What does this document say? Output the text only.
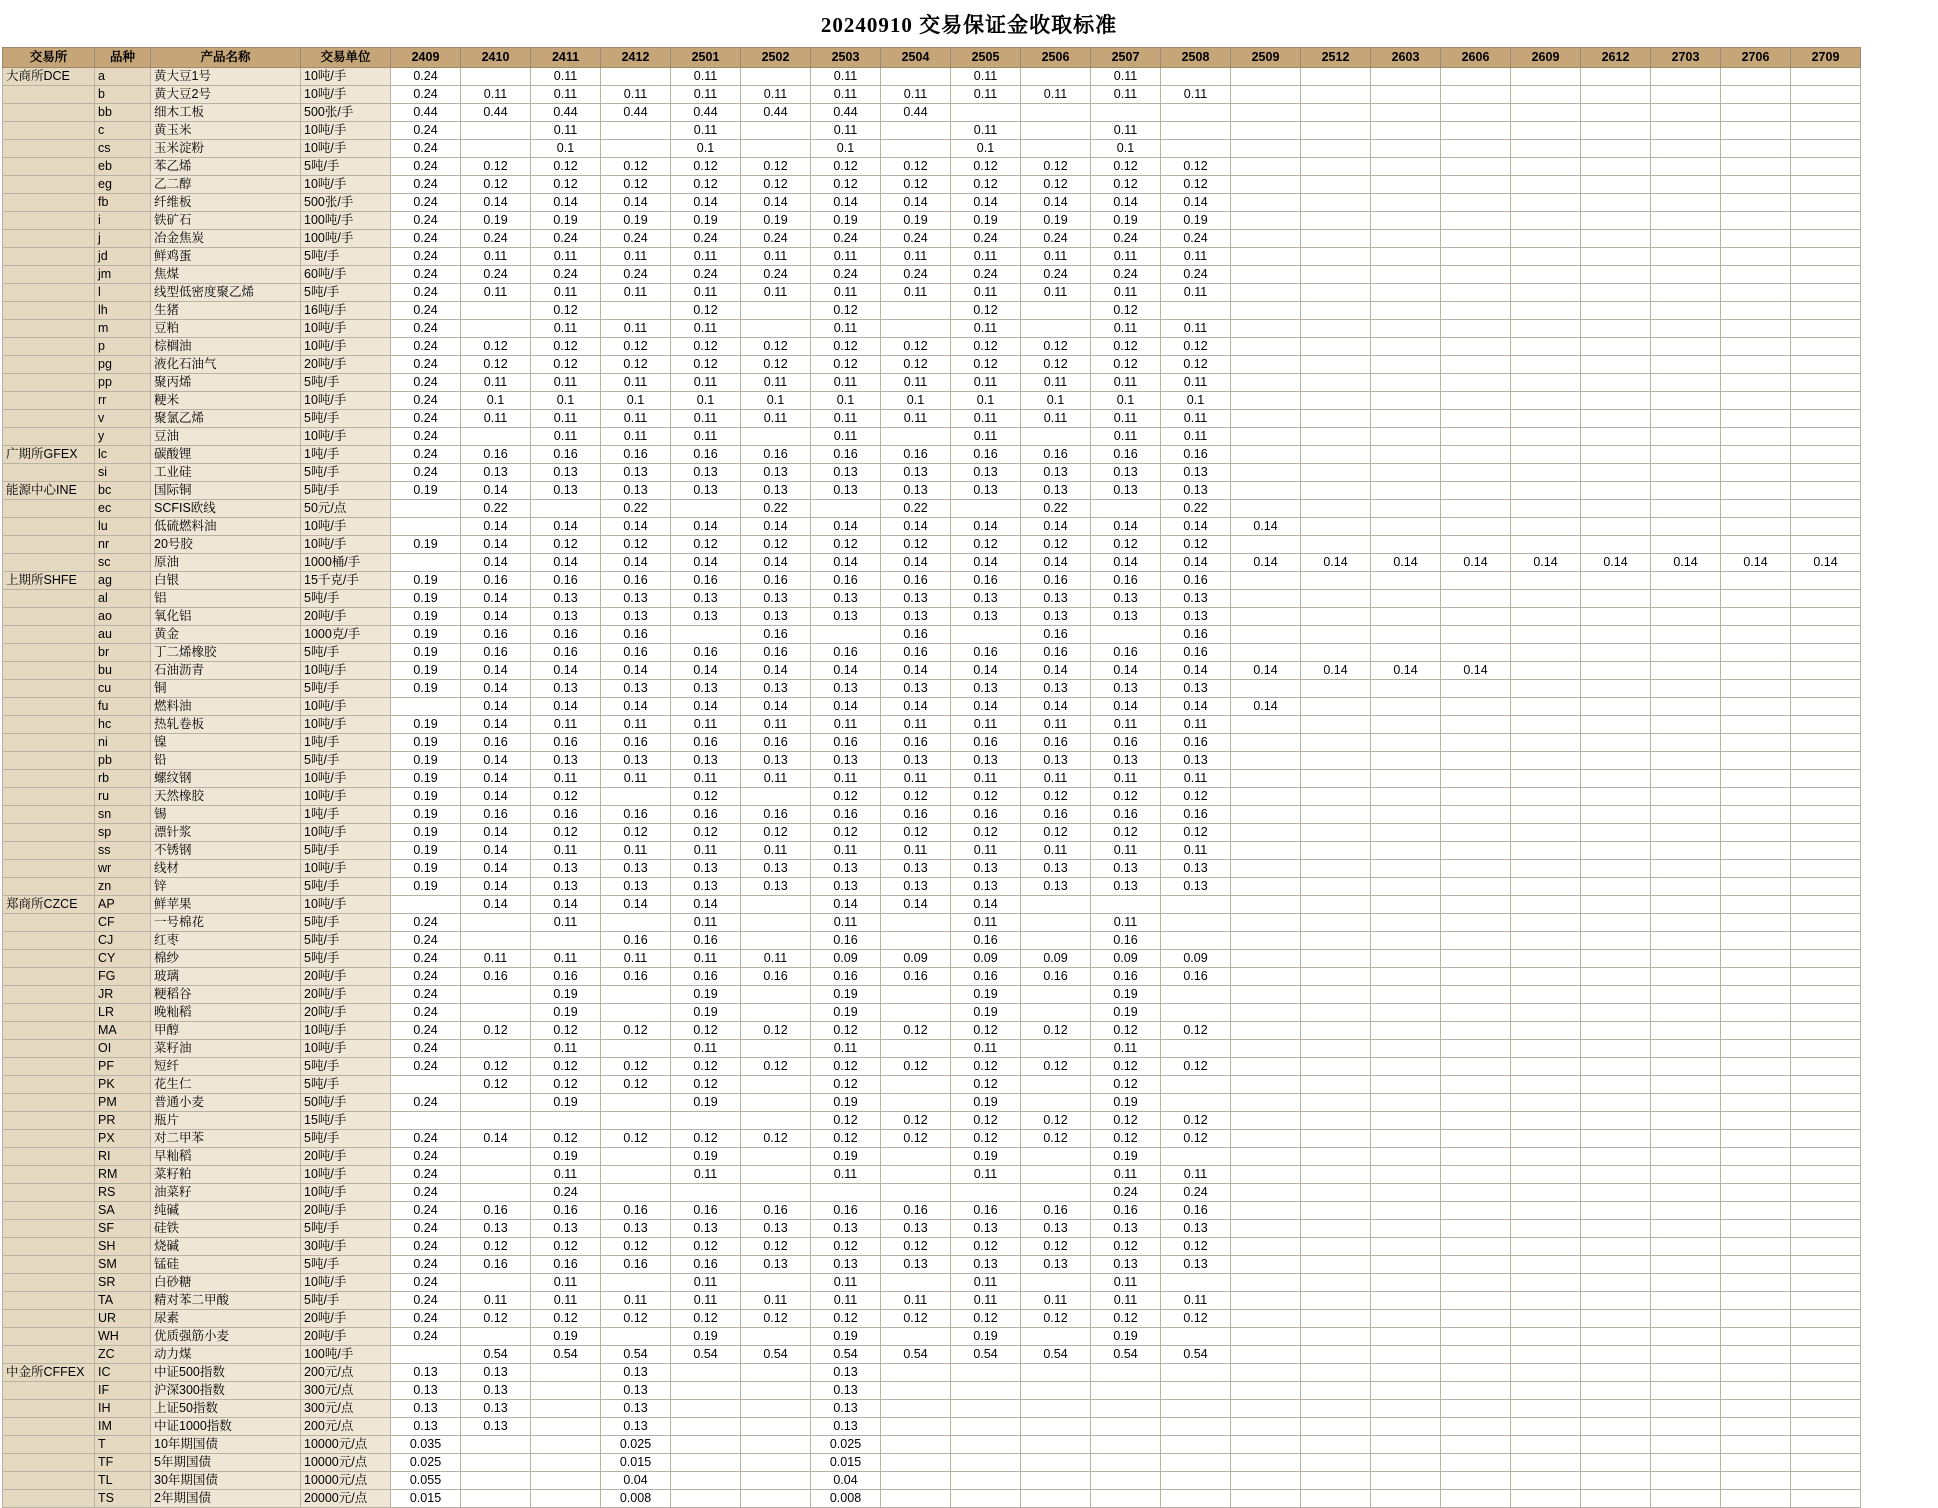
20240910 交易保证金收取标准
交易所	品种	产品名称	交易单位	2409	2410	2411	2412	2501	2502	2503	2504	2505	2506	2507	2508	2509	2512	2603	2606	2609	2612	2703	2706	2709
大商所DCE	a	黄大豆1号	10吨/手	0.24		0.11		0.11		0.11		0.11		0.11										
	b	黄大豆2号	10吨/手	0.24	0.11	0.11	0.11	0.11	0.11	0.11	0.11	0.11	0.11	0.11	0.11									
	bb	细木工板	500张/手	0.44	0.44	0.44	0.44	0.44	0.44	0.44	0.44													
	c	黄玉米	10吨/手	0.24		0.11		0.11		0.11		0.11		0.11										
	cs	玉米淀粉	10吨/手	0.24		0.1		0.1		0.1		0.1		0.1										
	eb	苯乙烯	5吨/手	0.24	0.12	0.12	0.12	0.12	0.12	0.12	0.12	0.12	0.12	0.12	0.12									
	eg	乙二醇	10吨/手	0.24	0.12	0.12	0.12	0.12	0.12	0.12	0.12	0.12	0.12	0.12	0.12									
	fb	纤维板	500张/手	0.24	0.14	0.14	0.14	0.14	0.14	0.14	0.14	0.14	0.14	0.14	0.14									
	i	铁矿石	100吨/手	0.24	0.19	0.19	0.19	0.19	0.19	0.19	0.19	0.19	0.19	0.19	0.19									
	j	冶金焦炭	100吨/手	0.24	0.24	0.24	0.24	0.24	0.24	0.24	0.24	0.24	0.24	0.24	0.24									
	jd	鲜鸡蛋	5吨/手	0.24	0.11	0.11	0.11	0.11	0.11	0.11	0.11	0.11	0.11	0.11	0.11									
	jm	焦煤	60吨/手	0.24	0.24	0.24	0.24	0.24	0.24	0.24	0.24	0.24	0.24	0.24	0.24									
	l	线型低密度聚乙烯	5吨/手	0.24	0.11	0.11	0.11	0.11	0.11	0.11	0.11	0.11	0.11	0.11	0.11									
	lh	生猪	16吨/手	0.24		0.12		0.12		0.12		0.12		0.12										
	m	豆粕	10吨/手	0.24		0.11	0.11	0.11		0.11		0.11		0.11	0.11									
	p	棕榈油	10吨/手	0.24	0.12	0.12	0.12	0.12	0.12	0.12	0.12	0.12	0.12	0.12	0.12									
	pg	液化石油气	20吨/手	0.24	0.12	0.12	0.12	0.12	0.12	0.12	0.12	0.12	0.12	0.12	0.12									
	pp	聚丙烯	5吨/手	0.24	0.11	0.11	0.11	0.11	0.11	0.11	0.11	0.11	0.11	0.11	0.11									
	rr	粳米	10吨/手	0.24	0.1	0.1	0.1	0.1	0.1	0.1	0.1	0.1	0.1	0.1	0.1									
	v	聚氯乙烯	5吨/手	0.24	0.11	0.11	0.11	0.11	0.11	0.11	0.11	0.11	0.11	0.11	0.11									
	y	豆油	10吨/手	0.24		0.11	0.11	0.11		0.11		0.11		0.11	0.11									
广期所GFEX	lc	碳酸锂	1吨/手	0.24	0.16	0.16	0.16	0.16	0.16	0.16	0.16	0.16	0.16	0.16	0.16									
	si	工业硅	5吨/手	0.24	0.13	0.13	0.13	0.13	0.13	0.13	0.13	0.13	0.13	0.13	0.13									
能源中心INE	bc	国际铜	5吨/手	0.19	0.14	0.13	0.13	0.13	0.13	0.13	0.13	0.13	0.13	0.13	0.13									
	ec	SCFIS欧线	50元/点		0.22		0.22		0.22		0.22		0.22		0.22									
	lu	低硫燃料油	10吨/手		0.14	0.14	0.14	0.14	0.14	0.14	0.14	0.14	0.14	0.14	0.14	0.14								
	nr	20号胶	10吨/手	0.19	0.14	0.12	0.12	0.12	0.12	0.12	0.12	0.12	0.12	0.12	0.12									
	sc	原油	1000桶/手		0.14	0.14	0.14	0.14	0.14	0.14	0.14	0.14	0.14	0.14	0.14	0.14	0.14	0.14	0.14	0.14	0.14	0.14	0.14	0.14
上期所SHFE	ag	白银	15千克/手	0.19	0.16	0.16	0.16	0.16	0.16	0.16	0.16	0.16	0.16	0.16	0.16									
	al	铝	5吨/手	0.19	0.14	0.13	0.13	0.13	0.13	0.13	0.13	0.13	0.13	0.13	0.13									
	ao	氧化铝	20吨/手	0.19	0.14	0.13	0.13	0.13	0.13	0.13	0.13	0.13	0.13	0.13	0.13									
	au	黄金	1000克/手	0.19	0.16	0.16	0.16		0.16		0.16		0.16		0.16									
	br	丁二烯橡胶	5吨/手	0.19	0.16	0.16	0.16	0.16	0.16	0.16	0.16	0.16	0.16	0.16	0.16									
	bu	石油沥青	10吨/手	0.19	0.14	0.14	0.14	0.14	0.14	0.14	0.14	0.14	0.14	0.14	0.14	0.14	0.14	0.14	0.14					
	cu	铜	5吨/手	0.19	0.14	0.13	0.13	0.13	0.13	0.13	0.13	0.13	0.13	0.13	0.13									
	fu	燃料油	10吨/手		0.14	0.14	0.14	0.14	0.14	0.14	0.14	0.14	0.14	0.14	0.14	0.14								
	hc	热轧卷板	10吨/手	0.19	0.14	0.11	0.11	0.11	0.11	0.11	0.11	0.11	0.11	0.11	0.11									
	ni	镍	1吨/手	0.19	0.16	0.16	0.16	0.16	0.16	0.16	0.16	0.16	0.16	0.16	0.16									
	pb	铅	5吨/手	0.19	0.14	0.13	0.13	0.13	0.13	0.13	0.13	0.13	0.13	0.13	0.13									
	rb	螺纹钢	10吨/手	0.19	0.14	0.11	0.11	0.11	0.11	0.11	0.11	0.11	0.11	0.11	0.11									
	ru	天然橡胶	10吨/手	0.19	0.14	0.12		0.12		0.12	0.12	0.12	0.12	0.12	0.12									
	sn	锡	1吨/手	0.19	0.16	0.16	0.16	0.16	0.16	0.16	0.16	0.16	0.16	0.16	0.16									
	sp	漂针浆	10吨/手	0.19	0.14	0.12	0.12	0.12	0.12	0.12	0.12	0.12	0.12	0.12	0.12									
	ss	不锈钢	5吨/手	0.19	0.14	0.11	0.11	0.11	0.11	0.11	0.11	0.11	0.11	0.11	0.11									
	wr	线材	10吨/手	0.19	0.14	0.13	0.13	0.13	0.13	0.13	0.13	0.13	0.13	0.13	0.13									
	zn	锌	5吨/手	0.19	0.14	0.13	0.13	0.13	0.13	0.13	0.13	0.13	0.13	0.13	0.13									
郑商所CZCE	AP	鲜苹果	10吨/手		0.14	0.14	0.14	0.14		0.14	0.14	0.14												
	CF	一号棉花	5吨/手	0.24		0.11		0.11		0.11		0.11		0.11										
	CJ	红枣	5吨/手	0.24			0.16	0.16		0.16		0.16		0.16										
	CY	棉纱	5吨/手	0.24	0.11	0.11	0.11	0.11	0.11	0.09	0.09	0.09	0.09	0.09	0.09									
	FG	玻璃	20吨/手	0.24	0.16	0.16	0.16	0.16	0.16	0.16	0.16	0.16	0.16	0.16	0.16									
	JR	粳稻谷	20吨/手	0.24		0.19		0.19		0.19		0.19		0.19										
	LR	晚籼稻	20吨/手	0.24		0.19		0.19		0.19		0.19		0.19										
	MA	甲醇	10吨/手	0.24	0.12	0.12	0.12	0.12	0.12	0.12	0.12	0.12	0.12	0.12	0.12									
	OI	菜籽油	10吨/手	0.24		0.11		0.11		0.11		0.11		0.11										
	PF	短纤	5吨/手	0.24	0.12	0.12	0.12	0.12	0.12	0.12	0.12	0.12	0.12	0.12	0.12									
	PK	花生仁	5吨/手		0.12	0.12	0.12	0.12		0.12		0.12		0.12										
	PM	普通小麦	50吨/手	0.24		0.19		0.19		0.19		0.19		0.19										
	PR	瓶片	15吨/手							0.12	0.12	0.12	0.12	0.12	0.12									
	PX	对二甲苯	5吨/手	0.24	0.14	0.12	0.12	0.12	0.12	0.12	0.12	0.12	0.12	0.12	0.12									
	RI	早籼稻	20吨/手	0.24		0.19		0.19		0.19		0.19		0.19										
	RM	菜籽粕	10吨/手	0.24		0.11		0.11		0.11		0.11		0.11	0.11									
	RS	油菜籽	10吨/手	0.24		0.24								0.24	0.24									
	SA	纯碱	20吨/手	0.24	0.16	0.16	0.16	0.16	0.16	0.16	0.16	0.16	0.16	0.16	0.16									
	SF	硅铁	5吨/手	0.24	0.13	0.13	0.13	0.13	0.13	0.13	0.13	0.13	0.13	0.13	0.13									
	SH	烧碱	30吨/手	0.24	0.12	0.12	0.12	0.12	0.12	0.12	0.12	0.12	0.12	0.12	0.12									
	SM	锰硅	5吨/手	0.24	0.16	0.16	0.16	0.16	0.13	0.13	0.13	0.13	0.13	0.13	0.13									
	SR	白砂糖	10吨/手	0.24		0.11		0.11		0.11		0.11		0.11										
	TA	精对苯二甲酸	5吨/手	0.24	0.11	0.11	0.11	0.11	0.11	0.11	0.11	0.11	0.11	0.11	0.11									
	UR	尿素	20吨/手	0.24	0.12	0.12	0.12	0.12	0.12	0.12	0.12	0.12	0.12	0.12	0.12									
	WH	优质强筋小麦	20吨/手	0.24		0.19		0.19		0.19		0.19		0.19										
	ZC	动力煤	100吨/手		0.54	0.54	0.54	0.54	0.54	0.54	0.54	0.54	0.54	0.54	0.54									
中金所CFFEX	IC	中证500指数	200元/点	0.13	0.13		0.13			0.13														
	IF	沪深300指数	300元/点	0.13	0.13		0.13			0.13														
	IH	上证50指数	300元/点	0.13	0.13		0.13			0.13														
	IM	中证1000指数	200元/点	0.13	0.13		0.13			0.13														
	T	10年期国债	10000元/点	0.035			0.025			0.025														
	TF	5年期国债	10000元/点	0.025			0.015			0.015														
	TL	30年期国债	10000元/点	0.055			0.04			0.04														
	TS	2年期国债	20000元/点	0.015			0.008			0.008														
